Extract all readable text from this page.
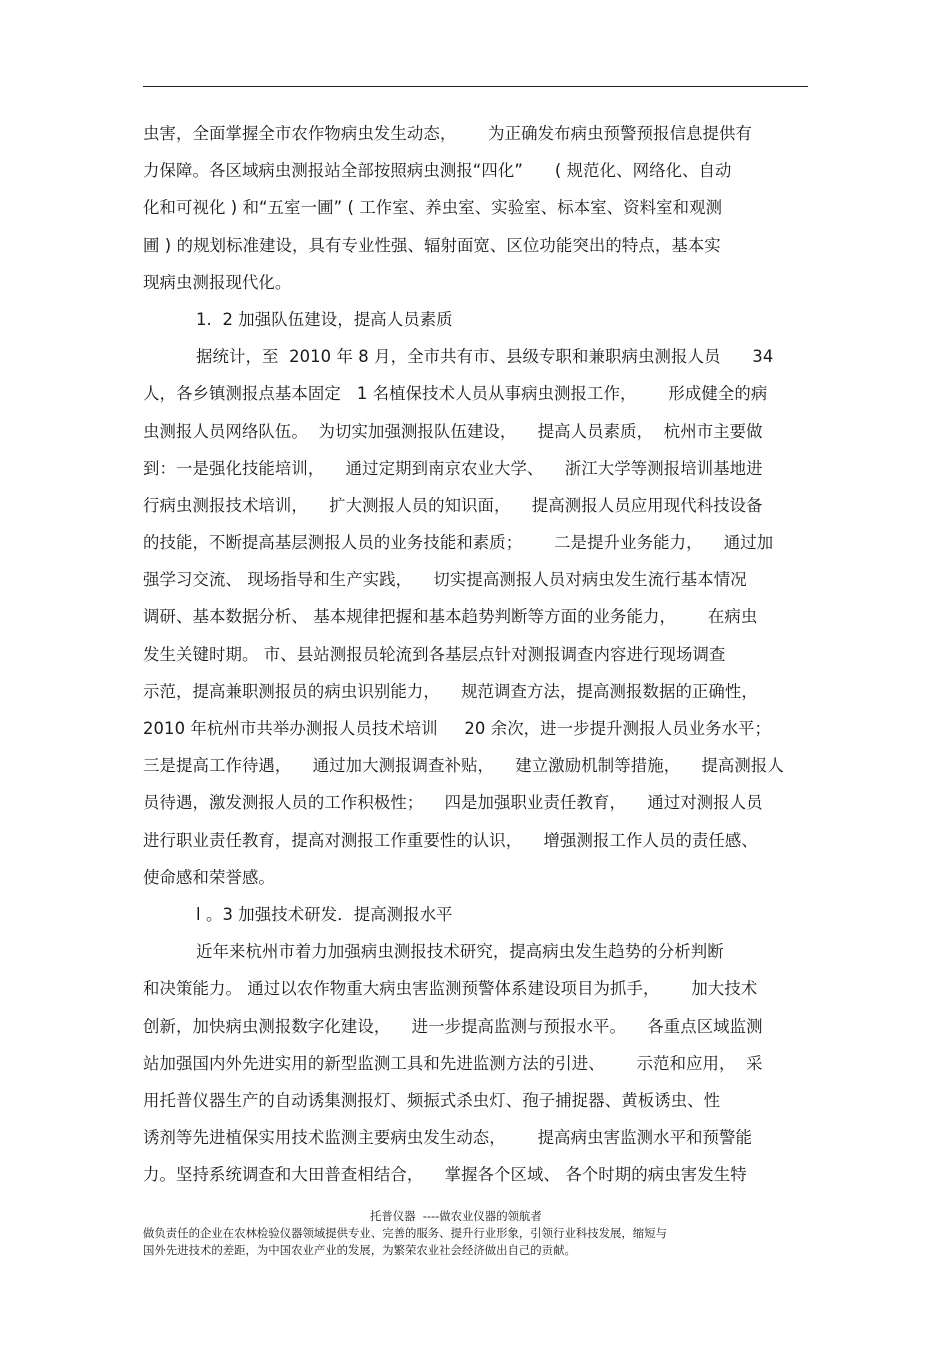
虫害，全面掌握全市农作物病虫发生动态，      为正确发布病虫预警预报信息提供有
力保障。各区域病虫测报站全部按照病虫测报“四化”      ( 规范化、网络化、自动
化和可视化 ) 和“五室一圃” ( 工作室、养虫室、实验室、标本室、资料室和观测
圃 ) 的规划标准建设，具有专业性强、辐射面宽、区位功能突出的特点，基本实
现病虫测报现代化。
1.  2 加强队伍建设，提高人员素质
据统计，至  2010 年 8 月，全市共有市、县级专职和兼职病虫测报人员      34
人，各乡镇测报点基本固定   1 名植保技术人员从事病虫测报工作，      形成健全的病
虫测报人员网络队伍。  为切实加强测报队伍建设，    提高人员素质，  杭州市主要做
到：一是强化技能培训，    通过定期到南京农业大学、    浙江大学等测报培训基地进
行病虫测报技术培训，    扩大测报人员的知识面，    提高测报人员应用现代科技设备
的技能，不断提高基层测报人员的业务技能和素质；      二是提升业务能力，    通过加
强学习交流、 现场指导和生产实践，    切实提高测报人员对病虫发生流行基本情况
调研、基本数据分析、 基本规律把握和基本趋势判断等方面的业务能力，      在病虫
发生关键时期。 市、县站测报员轮流到各基层点针对测报调查内容进行现场调查
示范，提高兼职测报员的病虫识别能力，    规范调查方法，提高测报数据的正确性，
2010 年杭州市共举办测报人员技术培训     20 余次，进一步提升测报人员业务水平；
三是提高工作待遇，    通过加大测报调查补贴，    建立激励机制等措施，    提高测报人
员待遇，激发测报人员的工作积极性；    四是加强职业责任教育，    通过对测报人员
进行职业责任教育，提高对测报工作重要性的认识，    增强测报工作人员的责任感、
使命感和荣誉感。
l 。3 加强技术研发．提高测报水平
近年来杭州市着力加强病虫测报技术研究，提高病虫发生趋势的分析判断
和决策能力。 通过以农作物重大病虫害监测预警体系建设项目为抓手，      加大技术
创新，加快病虫测报数字化建设，    进一步提高监测与预报水平。    各重点区域监测
站加强国内外先进实用的新型监测工具和先进监测方法的引进、      示范和应用，  采
用托普仪器生产的自动诱集测报灯、频振式杀虫灯、孢子捕捉器、黄板诱虫、性
诱剂等先进植保实用技术监测主要病虫发生动态，      提高病虫害监测水平和预警能
力。坚持系统调查和大田普查相结合，    掌握各个区域、 各个时期的病虫害发生特
托普仪器  ----做农业仪器的领航者
做负责任的企业在农林检验仪器领域提供专业、完善的服务、提升行业形象，引领行业科技发展，缩短与
国外先进技术的差距，为中国农业产业的发展，为繁荣农业社会经济做出自己的贡献。
